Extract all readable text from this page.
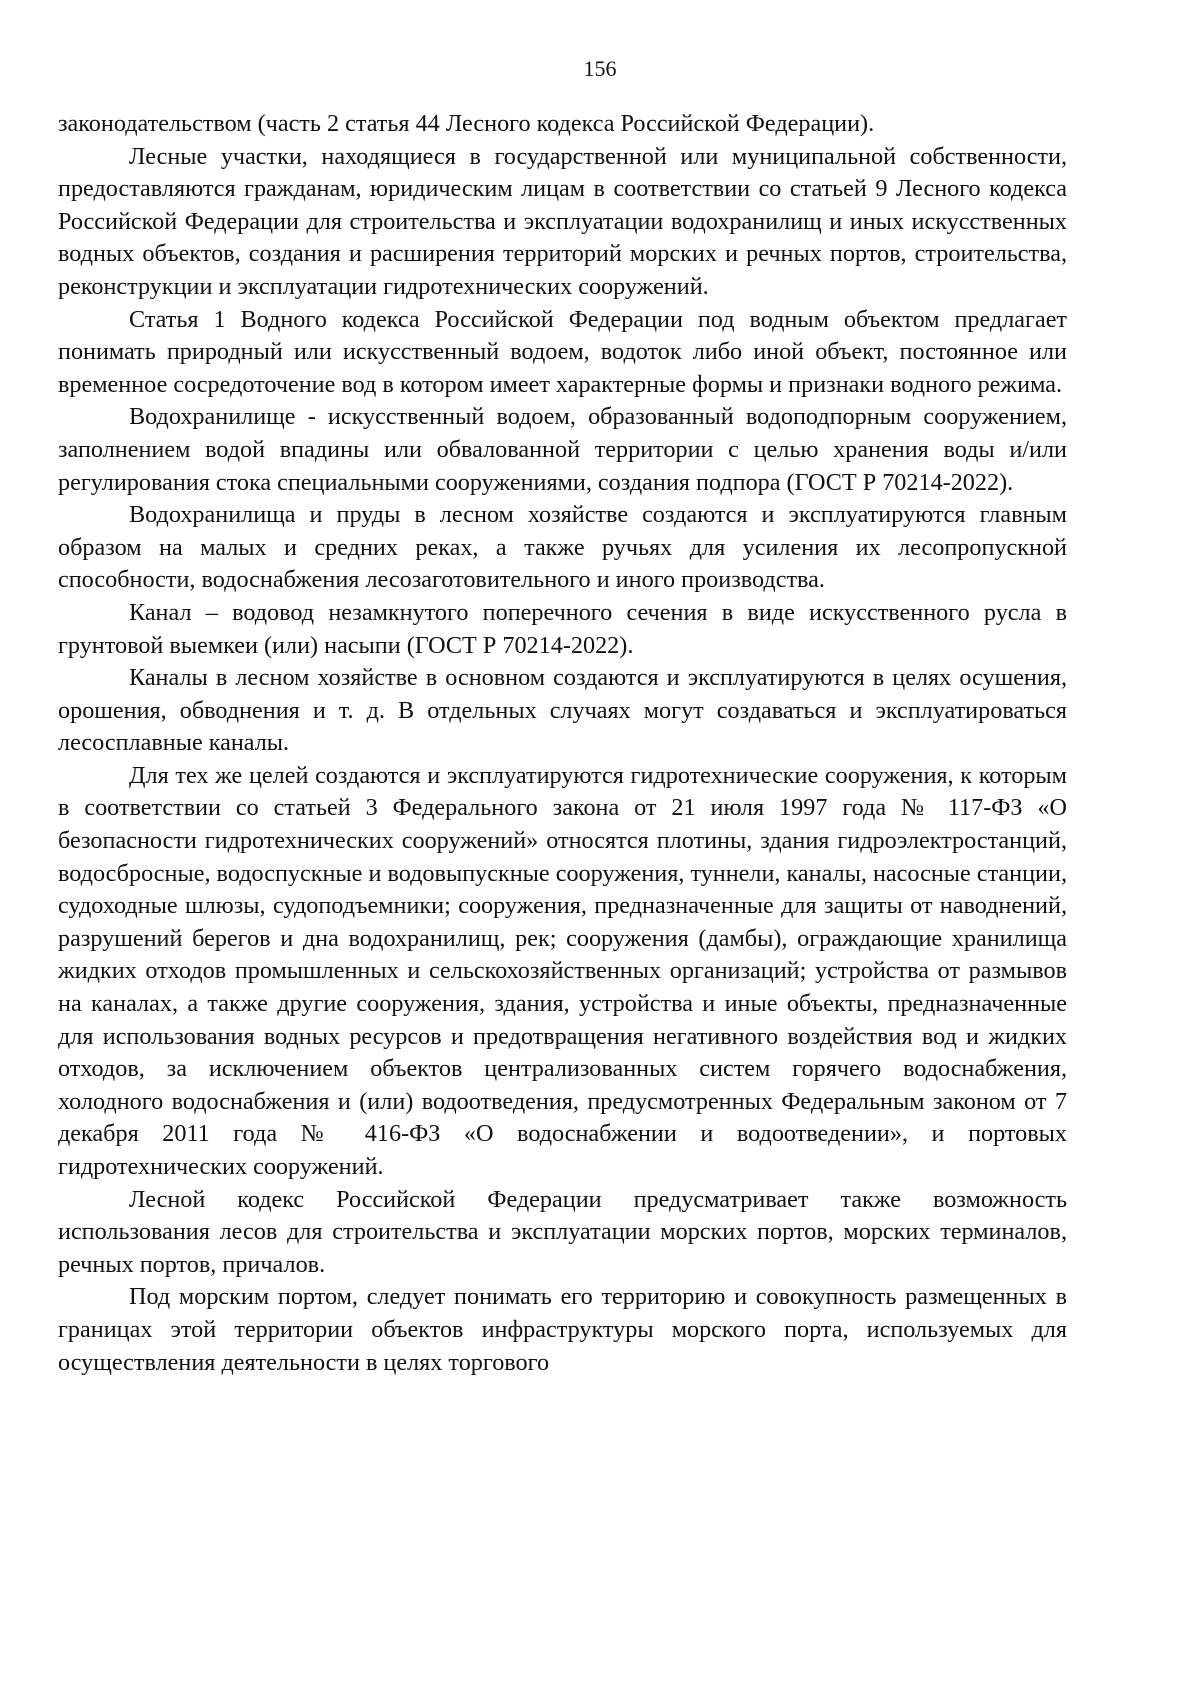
156

законодательством (часть 2 статья 44 Лесного кодекса Российской Федерации).

Лесные участки, находящиеся в государственной или муниципальной собственности, предоставляются гражданам, юридическим лицам в соответствии со статьей 9 Лесного кодекса Российской Федерации для строительства и эксплуатации водохранилищ и иных искусственных водных объектов, создания и расширения территорий морских и речных портов, строительства, реконструкции и эксплуатации гидротехнических сооружений.

Статья 1 Водного кодекса Российской Федерации под водным объектом предлагает понимать природный или искусственный водоем, водоток либо иной объект, постоянное или временное сосредоточение вод в котором имеет характерные формы и признаки водного режима.

Водохранилище - искусственный водоем, образованный водоподпорным сооружением, заполнением водой впадины или обвалованной территории с целью хранения воды и/или регулирования стока специальными сооружениями, создания подпора (ГОСТ Р 70214-2022).

Водохранилища и пруды в лесном хозяйстве создаются и эксплуатируются главным образом на малых и средних реках, а также ручьях для усиления их лесопропускной способности, водоснабжения лесозаготовительного и иного производства.

Канал – водовод незамкнутого поперечного сечения в виде искусственного русла в грунтовой выемкеи (или) насыпи (ГОСТ Р 70214-2022).

Каналы в лесном хозяйстве в основном создаются и эксплуатируются в целях осушения, орошения, обводнения и т. д. В отдельных случаях могут создаваться и эксплуатироваться лесосплавные каналы.

Для тех же целей создаются и эксплуатируются гидротехнические сооружения, к которым в соответствии со статьей 3 Федерального закона от 21 июля 1997 года № 117-ФЗ «О безопасности гидротехнических сооружений» относятся плотины, здания гидроэлектростанций, водосбросные, водоспускные и водовыпускные сооружения, туннели, каналы, насосные станции, судоходные шлюзы, судоподъемники; сооружения, предназначенные для защиты от наводнений, разрушений берегов и дна водохранилищ, рек; сооружения (дамбы), ограждающие хранилища жидких отходов промышленных и сельскохозяйственных организаций; устройства от размывов на каналах, а также другие сооружения, здания, устройства и иные объекты, предназначенные для использования водных ресурсов и предотвращения негативного воздействия вод и жидких отходов, за исключением объектов централизованных систем горячего водоснабжения, холодного водоснабжения и (или) водоотведения, предусмотренных Федеральным законом от 7 декабря 2011 года № 416-ФЗ «О водоснабжении и водоотведении», и портовых гидротехнических сооружений.

Лесной кодекс Российской Федерации предусматривает также возможность использования лесов для строительства и эксплуатации морских портов, морских терминалов, речных портов, причалов.

Под морским портом, следует понимать его территорию и совокупность размещенных в границах этой территории объектов инфраструктуры морского порта, используемых для осуществления деятельности в целях торгового
